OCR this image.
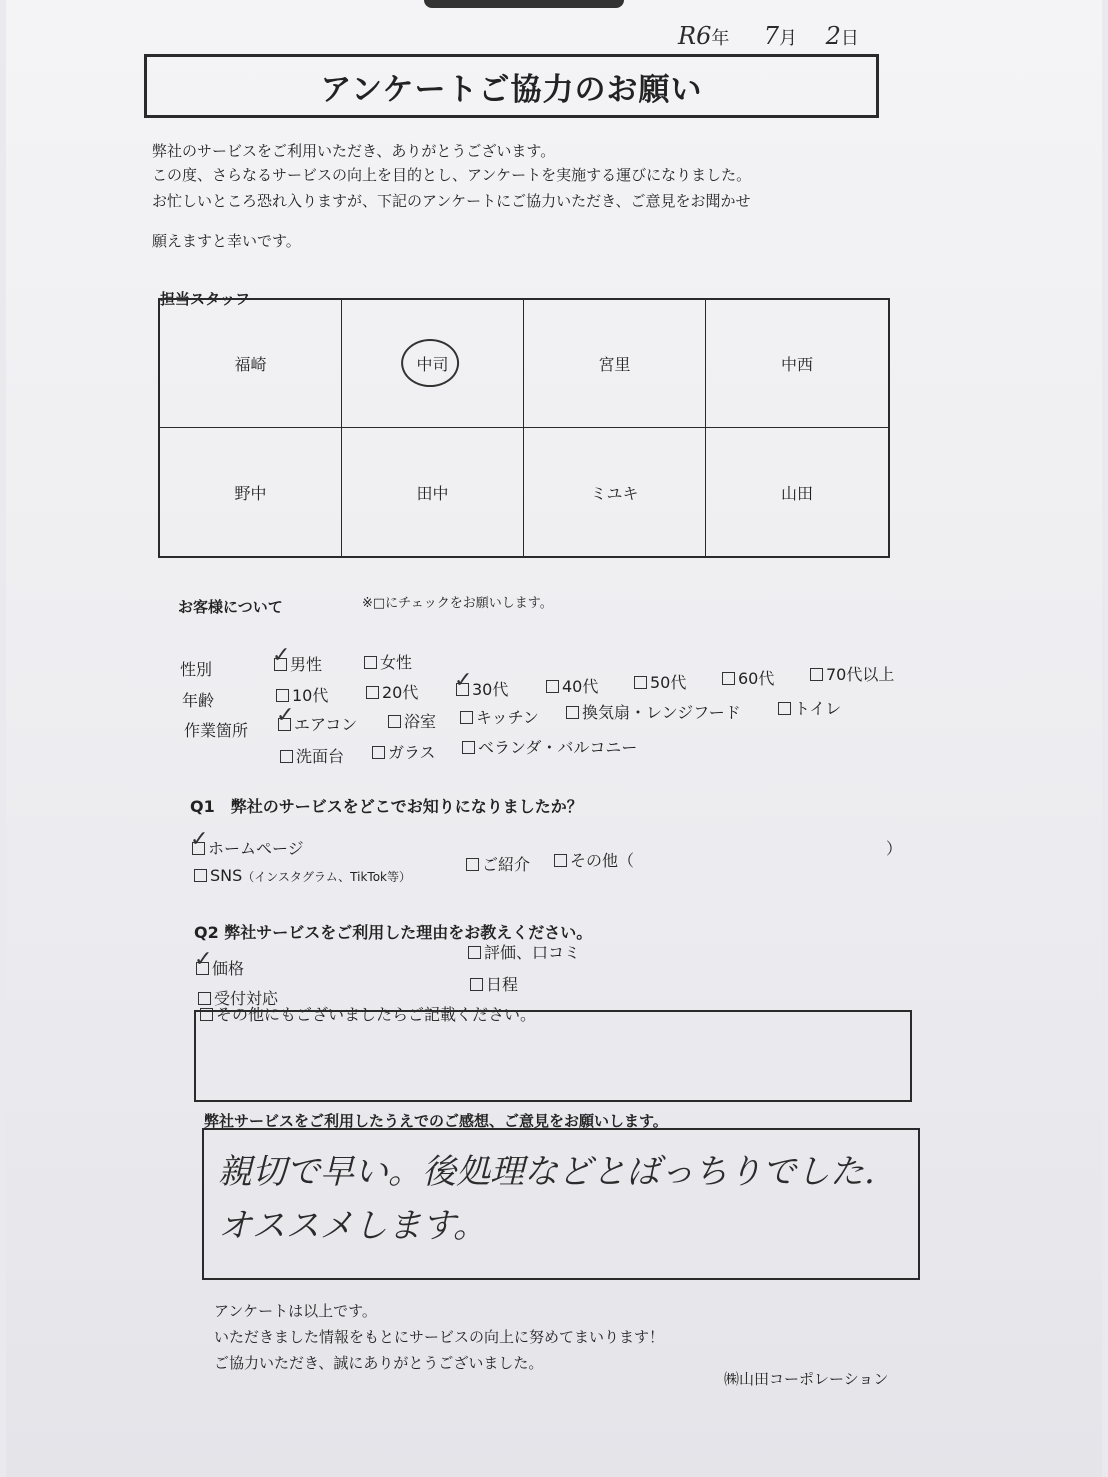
R6年 7月 2日
アンケートご協力のお願い
弊社のサービスをご利用いただき、ありがとうございます。
この度、さらなるサービスの向上を目的とし、アンケートを実施する運びになりました。
お忙しいところ恐れ入りますが、下記のアンケートにご協力いただき、ご意見をお聞かせ
願えますと幸いです。
担当スタッフ
福崎	中司	宮里	中西
野中	田中	ミユキ	山田
お客様について	※□にチェックをお願いします。
性別 ✓	男性	女性
年齢	10代	20代 ✓	30代	40代	50代	60代	70代以上
作業箇所 ✓	エアコン	浴室	キッチン	換気扇・レンジフード	トイレ
洗面台	ガラス	ベランダ・バルコニー
Q1　弊社のサービスをどこでお知りになりましたか？
✓ホームページ
SNS（インスタグラム、TikTok等）
ご紹介	その他（
）
Q2 弊社サービスをご利用した理由をお教えください。
✓価格
評価、口コミ
受付対応
日程
その他にもございましたらご記載ください。
弊社サービスをご利用したうえでのご感想、ご意見をお願いします。
親切で早い。後処理などとばっちりでした.
オススメします。
アンケートは以上です。
いただきました情報をもとにサービスの向上に努めてまいります！
ご協力いただき、誠にありがとうございました。
㈱山田コーポレーション
